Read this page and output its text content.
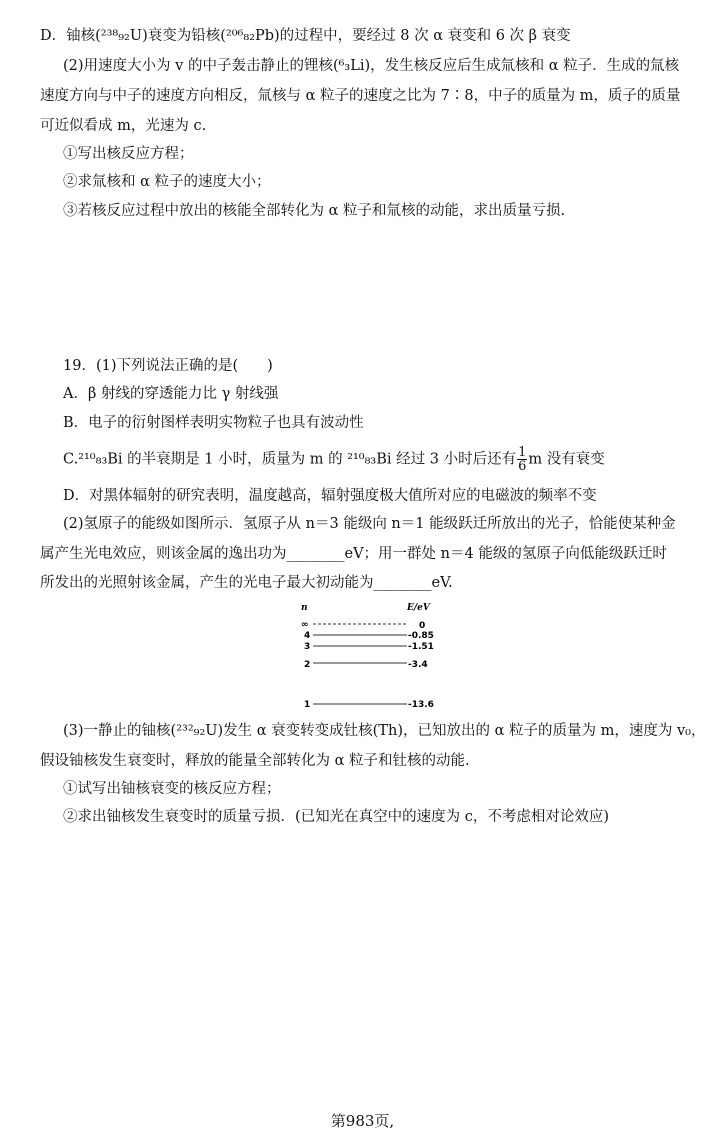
D．铀核(²³⁸₉₂U)衰变为铅核(²⁰⁶₈₂Pb)的过程中，要经过 8 次 α 衰变和 6 次 β 衰变
(2)用速度大小为 v 的中子轰击静止的锂核(⁶₃Li)，发生核反应后生成氚核和 α 粒子．生成的氚核
速度方向与中子的速度方向相反，氚核与 α 粒子的速度之比为 7∶8，中子的质量为 m，质子的质量
可近似看成 m，光速为 c.
①写出核反应方程；
②求氚核和 α 粒子的速度大小；
③若核反应过程中放出的核能全部转化为 α 粒子和氚核的动能，求出质量亏损.
19．(1)下列说法正确的是(　　)
A．β 射线的穿透能力比 γ 射线强
B．电子的衍射图样表明实物粒子也具有波动性
C.²¹⁰₈₃Bi 的半衰期是 1 小时，质量为 m 的 ²¹⁰₈₃Bi 经过 3 小时后还有 $\frac{1}{6}$ m 没有衰变
D．对黑体辐射的研究表明，温度越高，辐射强度极大值所对应的电磁波的频率不变
(2)氢原子的能级如图所示．氢原子从 n＝3 能级向 n＝1 能级跃迁所放出的光子，恰能使某种金
属产生光电效应，则该金属的逸出功为________eV；用一群处 n＝4 能级的氢原子向低能级跃迁时
所发出的光照射该金属，产生的光电子最大初动能为________eV.
n	E/eV
∞	0
4	-0.85
3	-1.51
2	-3.4
1	-13.6
(3)一静止的铀核(²³²₉₂U)发生 α 衰变转变成钍核(Th)，已知放出的 α 粒子的质量为 m，速度为 v₀，
假设铀核发生衰变时，释放的能量全部转化为 α 粒子和钍核的动能.
①试写出铀核衰变的核反应方程；
②求出铀核发生衰变时的质量亏损．(已知光在真空中的速度为 c，不考虑相对论效应)
第983页,
